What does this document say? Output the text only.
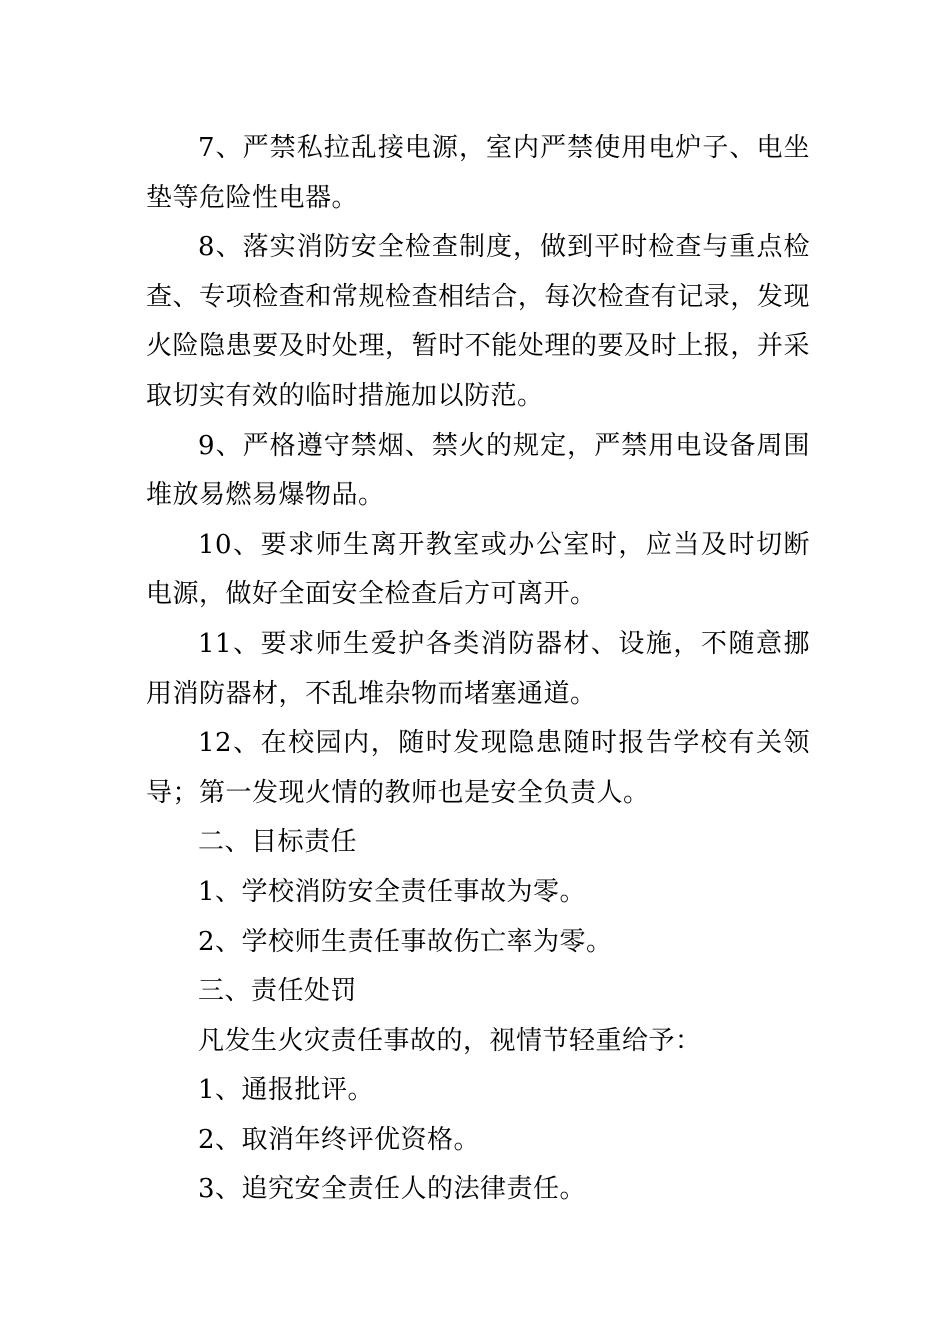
7、严禁私拉乱接电源，室内严禁使用电炉子、电坐垫等危险性电器。

8、落实消防安全检查制度，做到平时检查与重点检查、专项检查和常规检查相结合，每次检查有记录，发现火险隐患要及时处理，暂时不能处理的要及时上报，并采取切实有效的临时措施加以防范。

9、严格遵守禁烟、禁火的规定，严禁用电设备周围堆放易燃易爆物品。

10、要求师生离开教室或办公室时，应当及时切断电源，做好全面安全检查后方可离开。

11、要求师生爱护各类消防器材、设施，不随意挪用消防器材，不乱堆杂物而堵塞通道。

12、在校园内，随时发现隐患随时报告学校有关领导；第一发现火情的教师也是安全负责人。

二、目标责任

1、学校消防安全责任事故为零。

2、学校师生责任事故伤亡率为零。

三、责任处罚

凡发生火灾责任事故的，视情节轻重给予：

1、通报批评。

2、取消年终评优资格。

3、追究安全责任人的法律责任。
